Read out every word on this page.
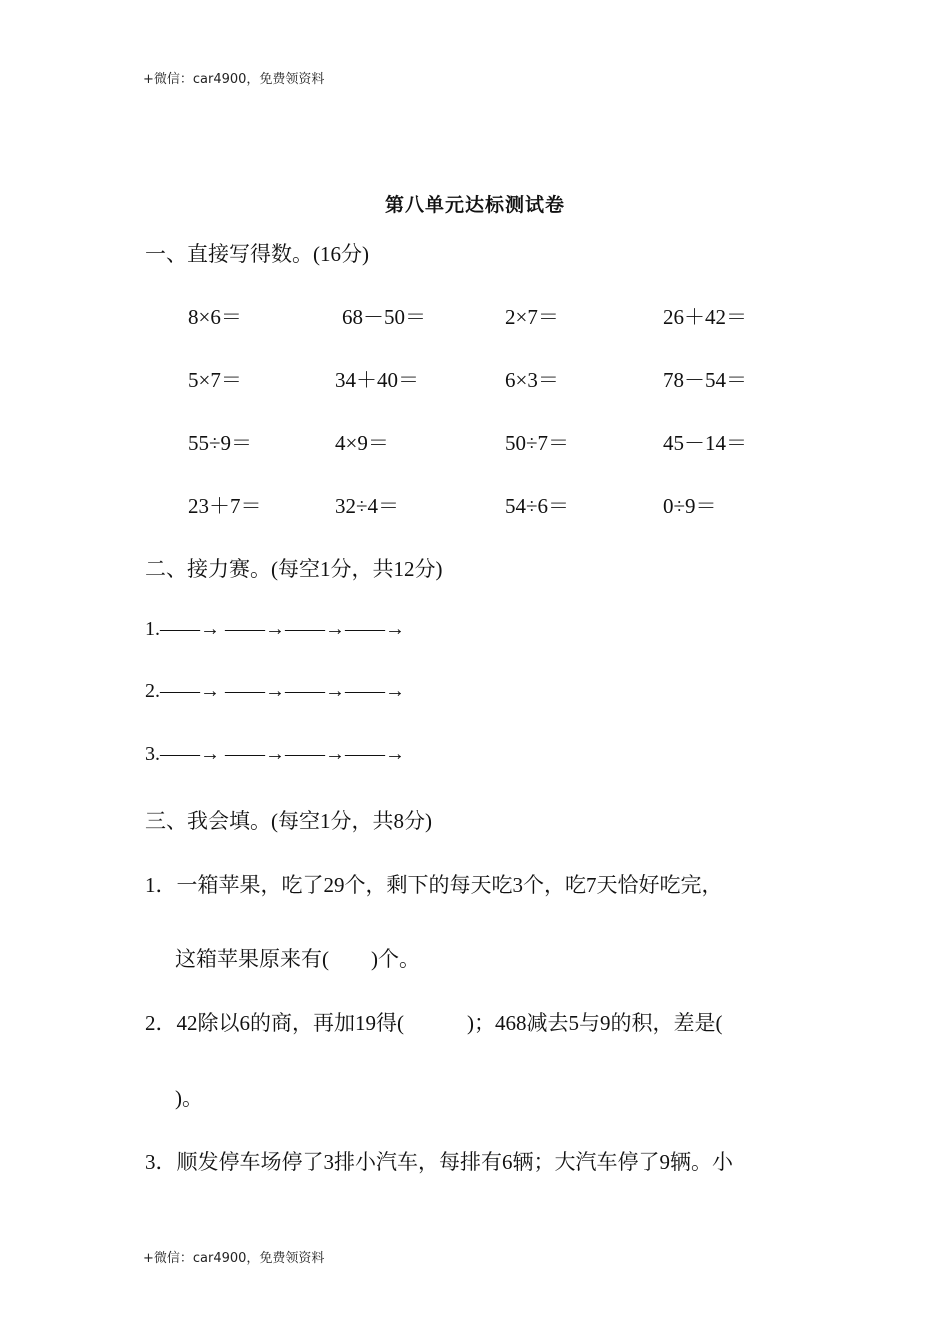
+微信：car4900，免费领资料
第八单元达标测试卷
一、直接写得数。(16分)
8×6＝	68－50＝	2×7＝	26＋42＝
5×7＝	34＋40＝	6×3＝	78－54＝
55÷9＝	4×9＝	50÷7＝	45－14＝
23＋7＝	32÷4＝	54÷6＝	0÷9＝
二、接力赛。(每空1分，共12分)
1.——→ ——→——→——→
2.——→ ——→——→——→
3.——→ ——→——→——→
三、我会填。(每空1分，共8分)
1．一箱苹果，吃了29个，剩下的每天吃3个，吃7天恰好吃完，
这箱苹果原来有(　　)个。
2．42除以6的商，再加19得(　　　)；468减去5与9的积，差是(
)。
3．顺发停车场停了3排小汽车，每排有6辆；大汽车停了9辆。小
+微信：car4900，免费领资料
